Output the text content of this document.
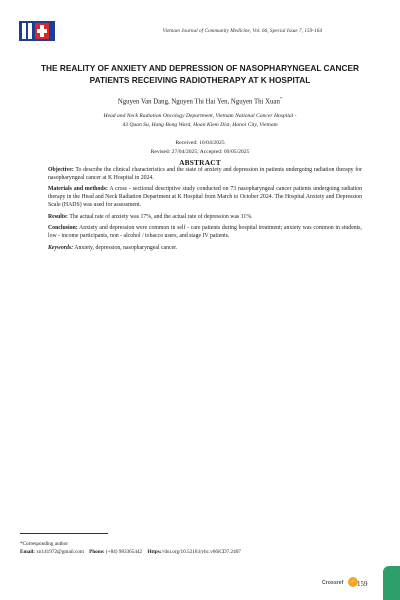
Vietnam Journal of Community Medicine, Vol. 66, Special Issue 7, 159-164
THE REALITY OF ANXIETY AND DEPRESSION OF NASOPHARYNGEAL CANCER PATIENTS RECEIVING RADIOTHERAPY AT K HOSPITAL
Nguyen Van Dang, Nguyen Thi Hai Yen, Nguyen Thi Xuan*
Head and Neck Radiation Oncology Department, Vietnam National Cancer Hospital -
43 Quan Su, Hang Bong Ward, Hoan Kiem Dist, Hanoi City, Vietnam
Received: 16/04/2025
Revised: 27/04/2025; Accepted: 09/05/2025
ABSTRACT

Objective: To describe the clinical characteristics and the state of anxiety and depression in patients undergoing radiation therapy for nasopharyngeal cancer at K Hospital in 2024.

Materials and methods: A cross - sectional descriptive study conducted on 73 nasopharyngeal cancer patients undergoing radiation therapy in the Head and Neck Radiation Department at K Hospital from March to October 2024. The Hospital Anxiety and Depression Scale (HADS) was used for assessment.

Results: The actual rate of anxiety was 17%, and the actual rate of depression was 11%.

Conclusion: Anxiety and depression were common in self - care patients during hospital treatment; anxiety was common in students, low - income participants, non - alcohol / tobacco users, and stage IV patients.

Keywords: Anxiety, depression, nasopharyngeal cancer.

*Corresponding author
Email: xn141972@gmail.com Phone: (+84) 983365442 Https://doi.org/10.52163/yhc.v66iCD7.2407
Crossref	✓ 159
